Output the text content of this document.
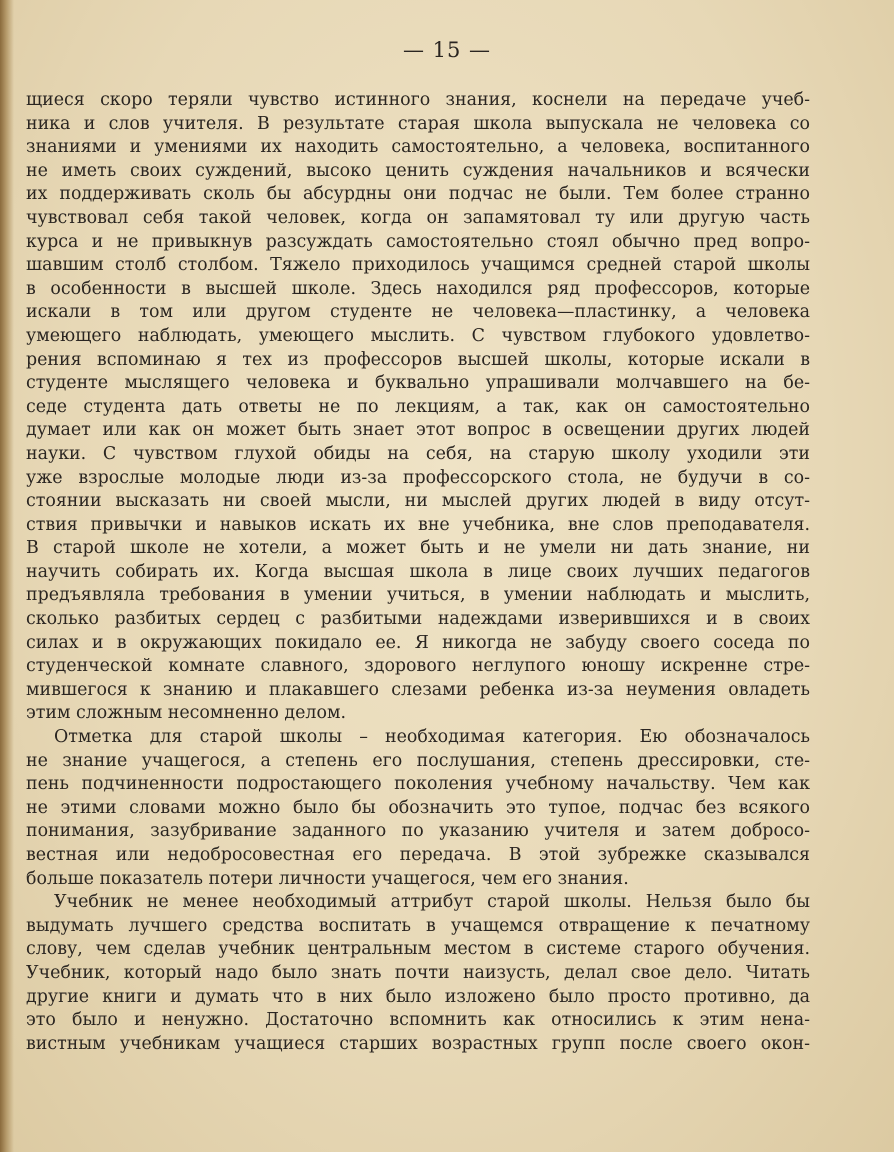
— 15 —
щиеся скоро теряли чувство истинного знания, коснели на передаче учеб-
ника и слов учителя. В результате старая школа выпускала не человека со
знаниями и умениями их находить самостоятельно, а человека, воспитанного
не иметь своих суждений, высоко ценить суждения начальников и всячески
их поддерживать сколь бы абсурдны они подчас не были. Тем более странно
чувствовал себя такой человек, когда он запамятовал ту или другую часть
курса и не привыкнув разсуждать самостоятельно стоял обычно пред вопро-
шавшим столб столбом. Тяжело приходилось учащимся средней старой школы
в особенности в высшей школе. Здесь находился ряд профессоров, которые
искали в том или другом студенте не человека—пластинку, а человека
умеющего наблюдать, умеющего мыслить. С чувством глубокого удовлетво-
рения вспоминаю я тех из профессоров высшей школы, которые искали в
студенте мыслящего человека и буквально упрашивали молчавшего на бе-
седе студента дать ответы не по лекциям, а так, как он самостоятельно
думает или как он может быть знает этот вопрос в освещении других людей
науки. С чувством глухой обиды на себя, на старую школу уходили эти
уже взрослые молодые люди из-за профессорского стола, не будучи в со-
стоянии высказать ни своей мысли, ни мыслей других людей в виду отсут-
ствия привычки и навыков искать их вне учебника, вне слов преподавателя.
В старой школе не хотели, а может быть и не умели ни дать знание, ни
научить собирать их. Когда высшая школа в лице своих лучших педагогов
предъявляла требования в умении учиться, в умении наблюдать и мыслить,
сколько разбитых сердец с разбитыми надеждами изверившихся и в своих
силах и в окружающих покидало ее. Я никогда не забуду своего соседа по
студенческой комнате славного, здорового неглупого юношу искренне стре-
мившегося к знанию и плакавшего слезами ребенка из-за неумения овладеть
этим сложным несомненно делом.
Отметка для старой школы – необходимая категория. Ею обозначалось
не знание учащегося, а степень его послушания, степень дрессировки, сте-
пень подчиненности подростающего поколения учебному начальству. Чем как
не этими словами можно было бы обозначить это тупое, подчас без всякого
понимания, зазубривание заданного по указанию учителя и затем добросо-
вестная или недобросовестная его передача. В этой зубрежке сказывался
больше показатель потери личности учащегося, чем его знания.
Учебник не менее необходимый аттрибут старой школы. Нельзя было бы
выдумать лучшего средства воспитать в учащемся отвращение к печатному
слову, чем сделав учебник центральным местом в системе старого обучения.
Учебник, который надо было знать почти наизусть, делал свое дело. Читать
другие книги и думать что в них было изложено было просто противно, да
это было и ненужно. Достаточно вспомнить как относились к этим нена-
вистным учебникам учащиеся старших возрастных групп после своего окон-
